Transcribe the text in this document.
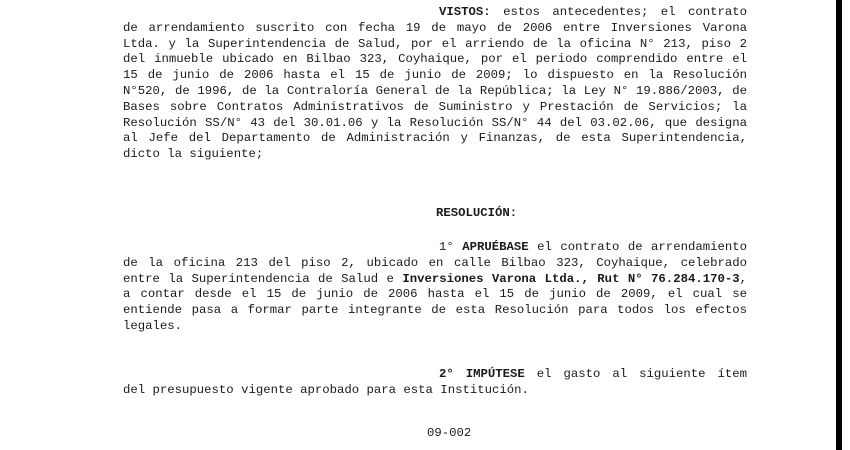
VISTOS: estos antecedentes; el contrato de arrendamiento suscrito con fecha 19 de mayo de 2006 entre Inversiones Varona Ltda. y la Superintendencia de Salud, por el arriendo de la oficina N° 213, piso 2 del inmueble ubicado en Bilbao 323, Coyhaique, por el periodo comprendido entre el 15 de junio de 2006 hasta el 15 de junio de 2009; lo dispuesto en la Resolución N°520, de 1996, de la Contraloría General de la República; la Ley N° 19.886/2003, de Bases sobre Contratos Administrativos de Suministro y Prestación de Servicios; la Resolución SS/N° 43 del 30.01.06 y la Resolución SS/N° 44 del 03.02.06, que designa al Jefe del Departamento de Administración y Finanzas, de esta Superintendencia, dicto la siguiente;

RESOLUCIÓN:

1° APRUÉBASE el contrato de arrendamiento de la oficina 213 del piso 2, ubicado en calle Bilbao 323, Coyhaique, celebrado entre la Superintendencia de Salud e Inversiones Varona Ltda., Rut N° 76.284.170-3, a contar desde el 15 de junio de 2006 hasta el 15 de junio de 2009, el cual se entiende pasa a formar parte integrante de esta Resolución para todos los efectos legales.

2° IMPÚTESE el gasto al siguiente ítem del presupuesto vigente aprobado para esta Institución.

09-002
